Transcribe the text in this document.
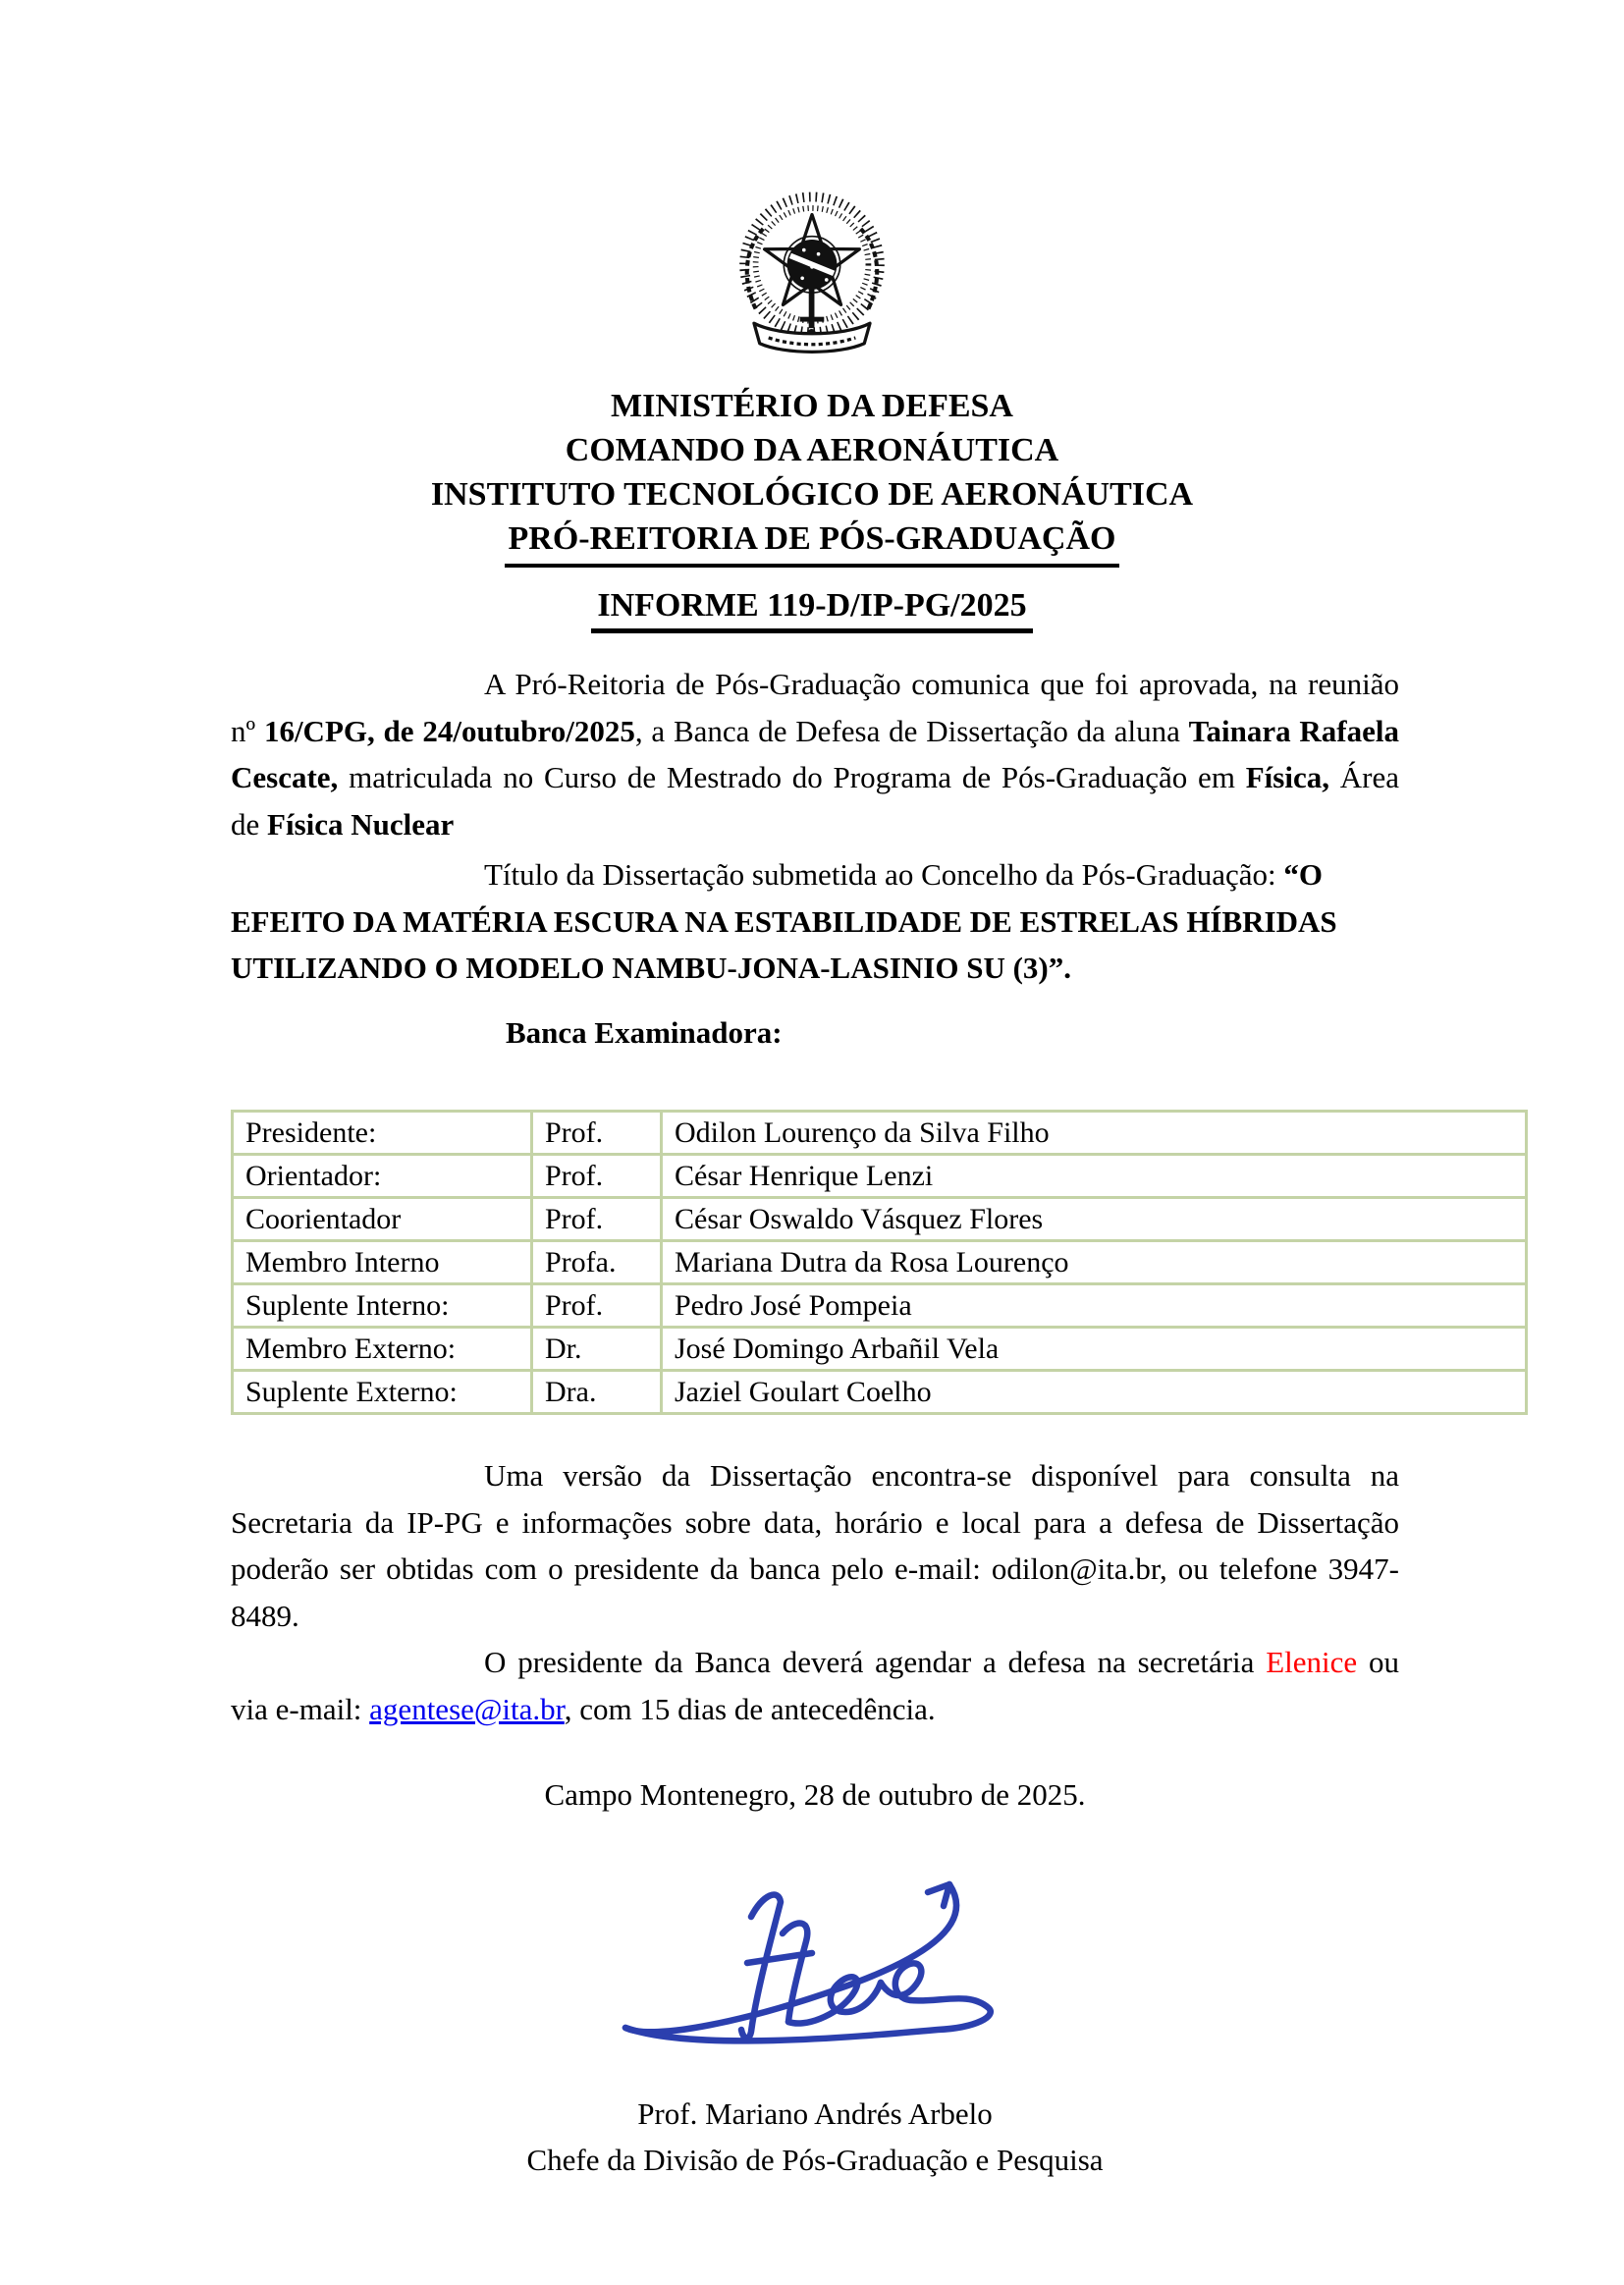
MINISTÉRIO DA DEFESA
COMANDO DA AERONÁUTICA
INSTITUTO TECNOLÓGICO DE AERONÁUTICA
PRÓ-REITORIA DE PÓS-GRADUAÇÃO
INFORME 119-D/IP-PG/2025

A Pró-Reitoria de Pós-Graduação comunica que foi aprovada, na reunião nº 16/CPG, de 24/outubro/2025, a Banca de Defesa de Dissertação da aluna Tainara Rafaela Cescate, matriculada no Curso de Mestrado do Programa de Pós-Graduação em Física, Área de Física Nuclear

Título da Dissertação submetida ao Concelho da Pós-Graduação: “O EFEITO DA MATÉRIA ESCURA NA ESTABILIDADE DE ESTRELAS HÍBRIDAS UTILIZANDO O MODELO NAMBU-JONA-LASINIO SU (3)”.

Banca Examinadora:
Presidente:	Prof.	Odilon Lourenço da Silva Filho
Orientador:	Prof.	César Henrique Lenzi
Coorientador	Prof.	César Oswaldo Vásquez Flores
Membro Interno	Profa.	Mariana Dutra da Rosa Lourenço
Suplente Interno:	Prof.	Pedro José Pompeia
Membro Externo:	Dr.	José Domingo Arbañil Vela
Suplente Externo:	Dra.	Jaziel Goulart Coelho

Uma versão da Dissertação encontra-se disponível para consulta na Secretaria da IP-PG e informações sobre data, horário e local para a defesa de Dissertação poderão ser obtidas com o presidente da banca pelo e-mail: odilon@ita.br, ou telefone 3947-8489.

O presidente da Banca deverá agendar a defesa na secretária Elenice ou via e-mail: agentese@ita.br, com 15 dias de antecedência.

Campo Montenegro, 28 de outubro de 2025.
Prof. Mariano Andrés Arbelo
Chefe da Divisão de Pós-Graduação e Pesquisa
